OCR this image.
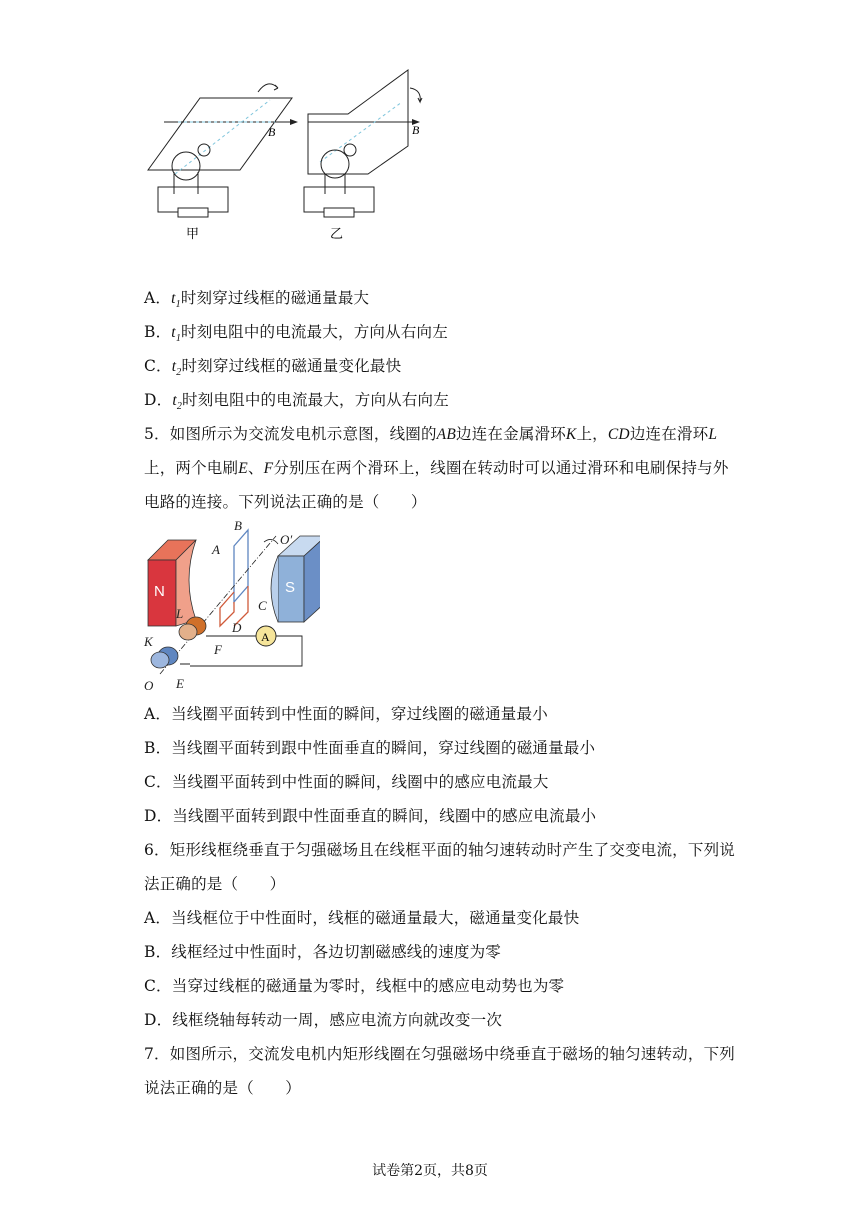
B	B
甲	乙
A．$t_1$时刻穿过线框的磁通量最大
B．$t_1$时刻电阻中的电流最大，方向从右向左
C．$t_2$时刻穿过线框的磁通量变化最快
D．$t_2$时刻电阻中的电流最大，方向从右向左
5．如图所示为交流发电机示意图，线圈的AB边连在金属滑环K上，CD边连在滑环L
上，两个电刷E、F分别压在两个滑环上，线圈在转动时可以通过滑环和电刷保持与外
电路的连接。下列说法正确的是（　　）
B
A
O′
C
D
L
K
F
E
O
N	S
A
A．当线圈平面转到中性面的瞬间，穿过线圈的磁通量最小
B．当线圈平面转到跟中性面垂直的瞬间，穿过线圈的磁通量最小
C．当线圈平面转到中性面的瞬间，线圈中的感应电流最大
D．当线圈平面转到跟中性面垂直的瞬间，线圈中的感应电流最小
6．矩形线框绕垂直于匀强磁场且在线框平面的轴匀速转动时产生了交变电流，下列说
法正确的是（　　）
A．当线框位于中性面时，线框的磁通量最大，磁通量变化最快
B．线框经过中性面时，各边切割磁感线的速度为零
C．当穿过线框的磁通量为零时，线框中的感应电动势也为零
D．线框绕轴每转动一周，感应电流方向就改变一次
7．如图所示，交流发电机内矩形线圈在匀强磁场中绕垂直于磁场的轴匀速转动，下列
说法正确的是（　　）
试卷第2页，共8页
